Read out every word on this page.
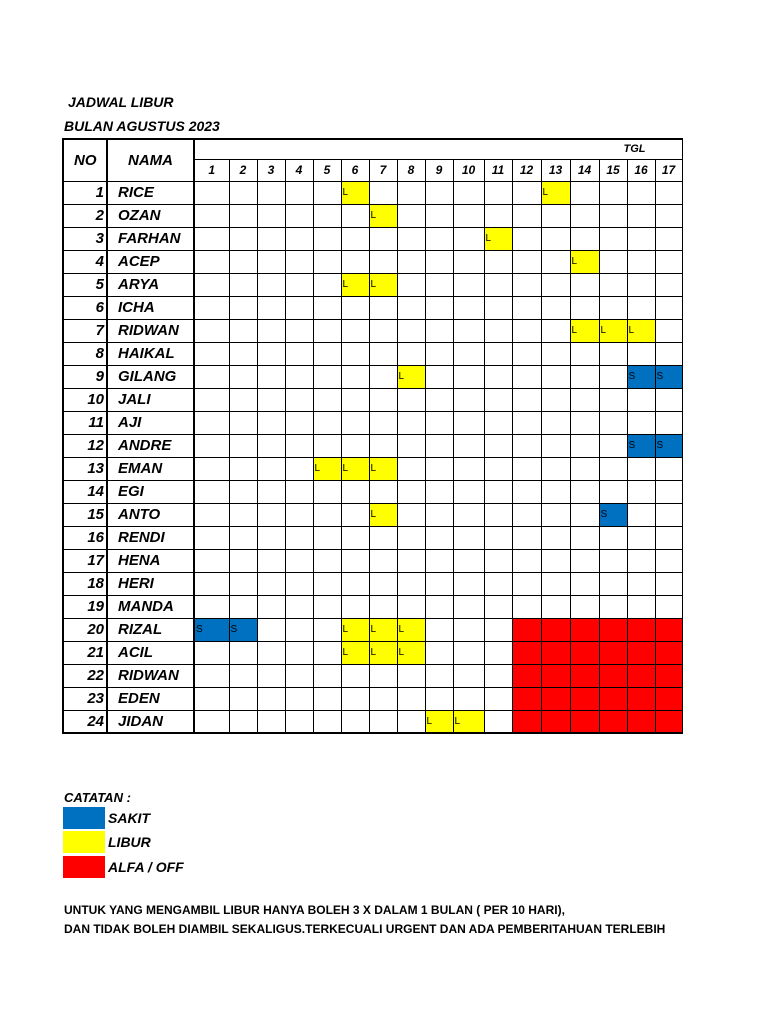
JADWAL LIBUR
BULAN AGUSTUS 2023
NO	NAMA	TGL																
		1	2	3	4	5	6	7	8	9	10	11	12	13	14	15	16	17
1	RICE						L							L				
2	OZAN							L										
3	FARHAN											L						
4	ACEP														L			
5	ARYA						L	L										
6	ICHA																	
7	RIDWAN														L	L	L	
8	HAIKAL																	
9	GILANG								L								S	S
10	JALI																	
11	AJI																	
12	ANDRE																S	S
13	EMAN					L	L	L										
14	EGI																	
15	ANTO							L								S		
16	RENDI																	
17	HENA																	
18	HERI																	
19	MANDA																	
20	RIZAL	S	S				L	L	L									
21	ACIL						L	L	L									
22	RIDWAN																	
23	EDEN																	
24	JIDAN									L	L							
CATATAN :
SAKIT
LIBUR
ALFA / OFF
UNTUK YANG MENGAMBIL LIBUR HANYA BOLEH 3 X DALAM 1 BULAN ( PER 10 HARI),
DAN TIDAK BOLEH DIAMBIL SEKALIGUS.TERKECUALI URGENT DAN ADA PEMBERITAHUAN TERLEBIH
